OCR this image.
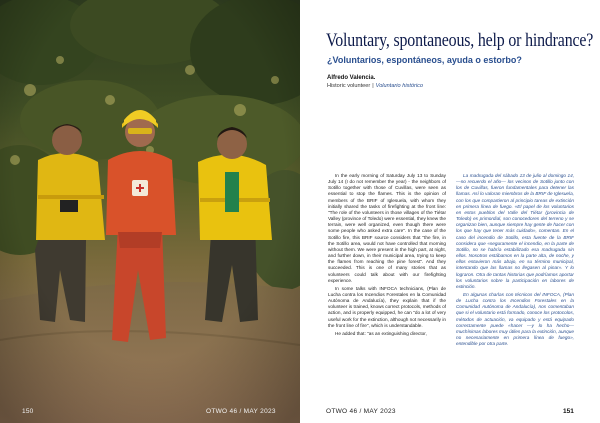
150	OTWO 46 / MAY 2023
Voluntary, spontaneous, help or hindrance?
¿Voluntarios, espontáneos, ayuda o estorbo?
Alfredo Valencia.
Historic volunteer | Voluntario histórico

In the early morning of Saturday July 13 to Sunday July 14 (I do not remember the year) - the neighbors of Sotillo together with those of Cuvillas, were seen as essential to stop the flames. This is the opinion of members of the BRIF of Iglesuela, with whom they initially shared the tasks of firefighting at the front line: "The role of the volunteers in those villages of the Tiétar Valley (province of Toledo) were essential, they knew the terrain, were well organized, even though there were some people who asked extra care". In the case of the Sotillo fire, this BRIF source considers that "the fire, in the Sotillo area, would not have controlled that morning without them. We were present in the high part, at night, and further down, in their municipal area, trying to keep the flames from reaching the pine forest". And they succeeded. This is one of many stories that as volunteers could talk about with our firefighting experience.

In some talks with INFOCA technicians, (Plan de Lucha contra los Incendios Forestales en la Comunidad Autónoma de Andalucía), they explain that if the volunteer is trained, knows correct protocols, methods of action, and is properly equipped, he can "do a lot of very useful work for the extinction, although not necessarily in the front line of fire", which is understandable.

He added that: "as an extinguishing director,

La madrugada del sábado 13 de julio al domingo 14, —no recuerdo el año— los vecinos de Sotillo junto con los de Cuvillas, fueron fundamentales para detener las llamas. Así lo valoran miembros de la BRIF de Iglesuela, con los que compartieron al principio tareas de extinción en primera línea de fuego. «El papel de los voluntarios en estos pueblos del Valle del Tiétar (provincia de Toledo) es primordial, son conocedores del terreno y se organizan bien, aunque siempre hay gente de hacer con los que hay que tener más cuidado», comentan. En el caso del incendio de Sotillo, esta fuente de la BRIF considera que «seguramente el incendio, en la parte de Sotillo, no se habría estabilizado esa madrugada sin ellos. Nosotros estábamos en la parte alta, de noche, y ellos estuvieron más abajo, en su término municipal, intentando que las llamas no llegasen al pinar». Y lo lograron. Otra de tantas historias que podríamos aportar los voluntarios sobre la participación en labores de extinción.

En algunas charlas con técnicos del INFOCA, (Plan de Lucha contra los Incendios Forestales en la Comunidad Autónoma de Andalucía), nos comentaban que si el voluntario está formado, conoce los protocolos, métodos de actuación, va equipado y está equipado correctamente puede «hacer —y lo ha hecho— muchísimas labores muy útiles para la extinción, aunque no necesariamente en primera línea de fuego», entendible por otra parte.

OTWO 46 / MAY 2023	151
